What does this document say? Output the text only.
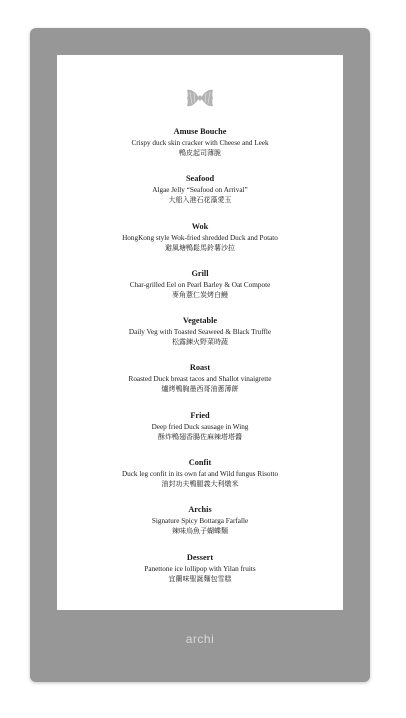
Amuse Bouche
Crispy duck skin cracker with Cheese and Leek
鴨皮起司薄脆
Seafood
Algae Jelly “Seafood on Arrival”
大船入港石花藻愛玉
Wok
HongKong style Wok-fried shredded Duck and Potato
避風塘鴨鬆馬鈴薯沙拉
Grill
Char-grilled Eel on Pearl Barley & Oat Compote
麥角薏仁炭烤白鰻
Vegetable
Daily Veg with Toasted Seaweed & Black Truffle
松露鍊火野菜時蔬
Roast
Roasted Duck breast tacos and Shallot vinaigrette
爐烤鴨胸墨西哥油蔥薄餅
Fried
Deep fried Duck sausage in Wing
酥炸鴨翅香腸佐麻辣塔塔醬
Confit
Duck leg confit in its own fat and Wild fungus Risotto
油封功夫鴨腿義大利燉米
Archis
Signature Spicy Bottarga Farfalle
辣味烏魚子蝴蝶麵
Dessert
Panettone ice lollipop with Yilan fruits
宜蘭味聖誕麵包雪糕
archi
